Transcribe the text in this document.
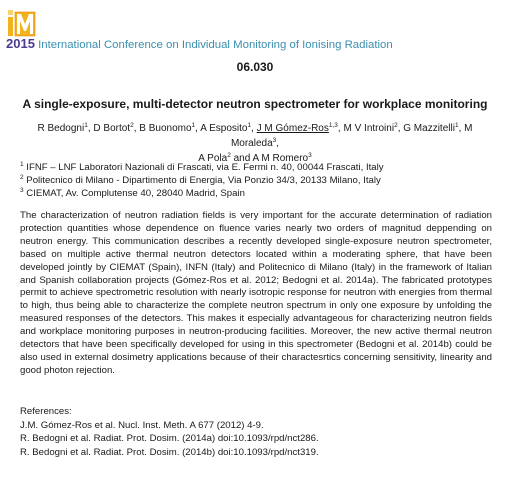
2015 International Conference on Individual Monitoring of Ionising Radiation
06.030
A single-exposure, multi-detector neutron spectrometer for workplace monitoring
R Bedogni$^1$, D Bortot$^2$, B Buonomo$^1$, A Esposito$^1$, J M Gómez-Ros$^{1,3}$, M V Introini$^2$, G Mazzitelli$^1$, M Moraleda$^3$,
A Pola$^2$ and A M Romero$^3$
$^1$ IFNF – LNF Laboratori Nazionali di Frascati, via E. Fermi n. 40, 00044 Frascati, Italy
$^2$ Politecnico di Milano - Dipartimento di Energia, Via Ponzio 34/3, 20133 Milano, Italy
$^3$ CIEMAT, Av. Complutense 40, 28040 Madrid, Spain
The characterization of neutron radiation fields is very important for the accurate determination of radiation protection quantities whose dependence on fluence varies nearly two orders of magnitud deppending on neutron energy. This communication describes a recently developed single-exposure neutron spectrometer, based on multiple active thermal neutron detectors located within a moderating sphere, that have been developed jointly by CIEMAT (Spain), INFN (Italy) and Politecnico di Milano (Italy) in the framework of Italian and Spanish collaboration projects (Gómez-Ros et al. 2012; Bedogni et al. 2014a). The fabricated prototypes permit to achieve spectrometric resolution with nearly isotropic response for neutron with energies from thermal to high, thus being able to characterize the complete neutron spectrum in only one exposure by unfolding the measured responses of the detectors. This makes it especially advantageous for characterizing neutron fields and workplace monitoring purposes in neutron-producing facilities. Moreover, the new active thermal neutron detectors that have been specifically developed for using in this spectrometer (Bedogni et al. 2014b) could be also used in external dosimetry applications because of their charactesrtics concerning sensitivity, linearity and good photon rejection.
References:
J.M. Gómez-Ros et al. Nucl. Inst. Meth. A 677 (2012) 4-9.
R. Bedogni et al. Radiat. Prot. Dosim. (2014a) doi:10.1093/rpd/nct286.
R. Bedogni et al. Radiat. Prot. Dosim. (2014b) doi:10.1093/rpd/nct319.
